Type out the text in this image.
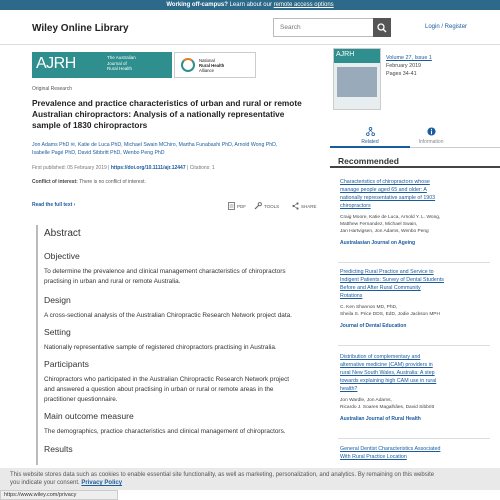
Working off-campus? Learn about our remote access options
Wiley Online Library
Search	Login / Register
AJRH	The Australian
Journal of
Rural Health
National
Rural Health
Alliance
Original Research
Prevalence and practice characteristics of urban and rural or remote Australian chiropractors: Analysis of a nationally representative sample of 1830 chiropractors
Jon Adams PhD ✉, Katie de Luca PhD, Michael Swain MChiro, Martha Funabashi PhD, Arnold Wong PhD,
Isabelle Pagé PhD, David Sibbritt PhD, Wenbo Peng PhD
First published: 05 February 2019 | https://doi.org/10.1111/ajr.12447 | Citations: 1
Conflict of interest: There is no conflict of interest.
Read the full text ›	PDF	TOOLS	SHARE
Abstract
Objective
To determine the prevalence and clinical management characteristics of chiropractors
practising in urban and rural or remote Australia.
Design
A cross-sectional analysis of the Australian Chiropractic Research Network project data.
Setting
Nationally representative sample of registered chiropractors practising in Australia.
Participants
Chiropractors who participated in the Australian Chiropractic Research Network project
and answered a question about practising in urban or rural or remote areas in the
practitioner questionnaire.
Main outcome measure
The demographics, practice characteristics and clinical management of chiropractors.
Results
AJRH	Volume 27, Issue 1
February 2019
Pages 34-41
Related	Information
Recommended
Characteristics of chiropractors whose
manage people aged 65 and older: A
nationally representative sample of 1903
chiropractors
Craig Moore, Katie de Luca, Arnold Y. L. Wong,
Matthew Fernandez, Michael Swain,
Jan Hartvigsen, Jon Adams, Wenbo Peng
Australasian Journal on Ageing
Predicting Rural Practice and Service to
Indigent Patients: Survey of Dental Students
Before and After Rural Community
Rotations
C. Ken Shannon MD, PhD,
Sheila S. Price DDS, EdD, Jodie Jackson MPH
Journal of Dental Education
Distribution of complementary and
alternative medicine (CAM) providers in
rural New South Wales, Australia: A step
towards explaining high CAM use in rural
health?
Jon Wardle, Jon Adams,
Ricardo J. Soares Magalhães, David Sibbritt
Australian Journal of Rural Health
General Dentist Characteristics Associated
With Rural Practice Location
This website stores data such as cookies to enable essential site functionality, as well as marketing, personalization, and analytics. By remaining on this website
you indicate your consent. Privacy Policy
https://www.wiley.com/privacy
